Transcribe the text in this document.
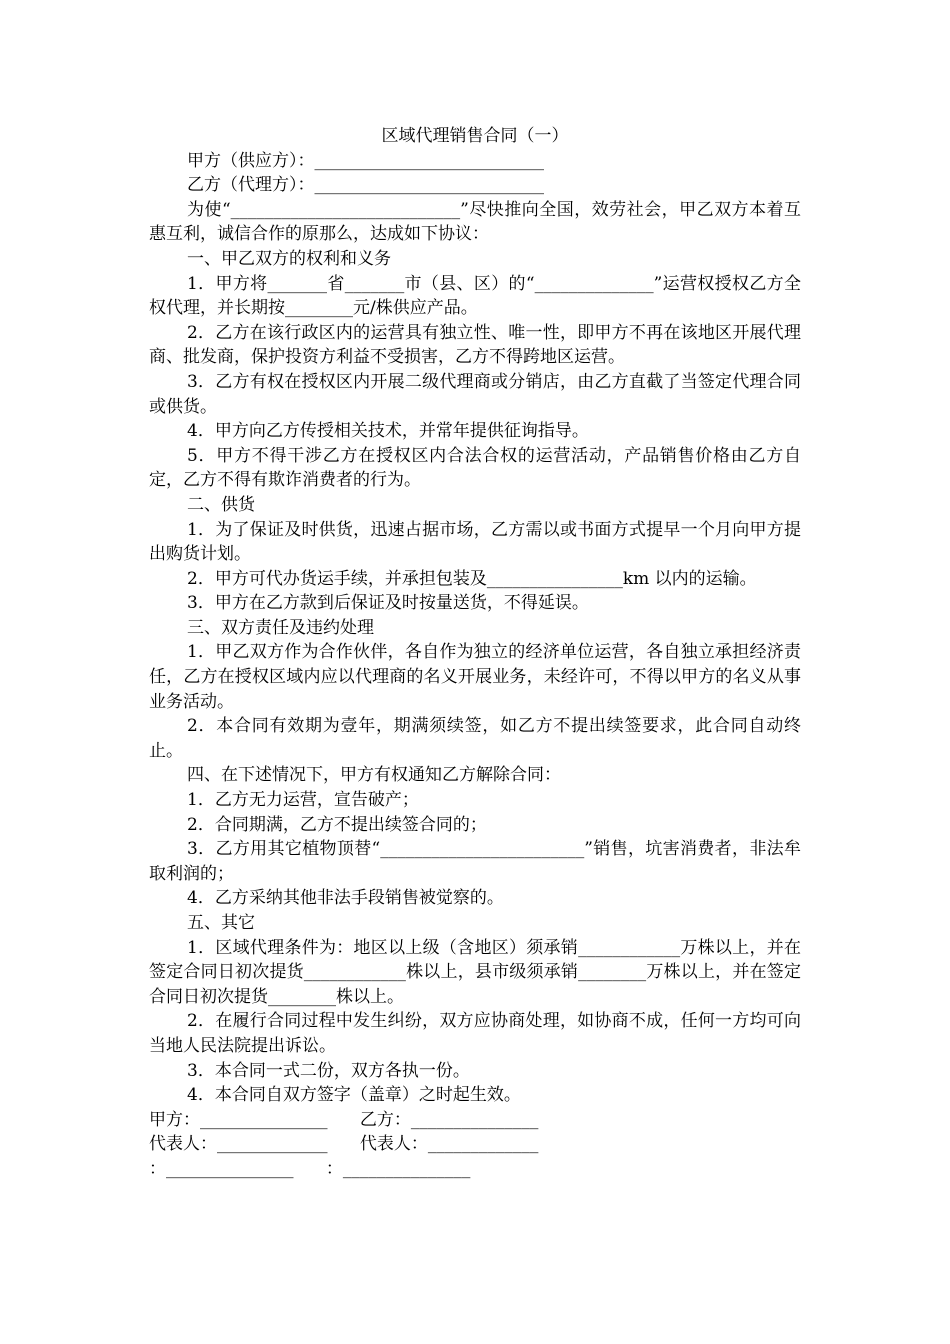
区域代理销售合同（一）

甲方（供应方）：___________________________

乙方（代理方）：___________________________

为使“___________________________”尽快推向全国，效劳社会，甲乙双方本着互惠互利，诚信合作的原那么，达成如下协议：

一、甲乙双方的权利和义务

1．甲方将_______省_______市（县、区）的“______________”运营权授权乙方全权代理，并长期按________元/株供应产品。

2．乙方在该行政区内的运营具有独立性、唯一性，即甲方不再在该地区开展代理商、批发商，保护投资方利益不受损害，乙方不得跨地区运营。

3．乙方有权在授权区内开展二级代理商或分销店，由乙方直截了当签定代理合同或供货。

4．甲方向乙方传授相关技术，并常年提供征询指导。

5．甲方不得干涉乙方在授权区内合法合权的运营活动，产品销售价格由乙方自定，乙方不得有欺诈消费者的行为。

二、供货

1．为了保证及时供货，迅速占据市场，乙方需以或书面方式提早一个月向甲方提出购货计划。

2．甲方可代办货运手续，并承担包装及________________km 以内的运输。

3．甲方在乙方款到后保证及时按量送货，不得延误。

三、双方责任及违约处理

1．甲乙双方作为合作伙伴，各自作为独立的经济单位运营，各自独立承担经济责任，乙方在授权区域内应以代理商的名义开展业务，未经许可，不得以甲方的名义从事业务活动。

2．本合同有效期为壹年，期满须续签，如乙方不提出续签要求，此合同自动终止。

四、在下述情况下，甲方有权通知乙方解除合同：

1．乙方无力运营，宣告破产；

2．合同期满，乙方不提出续签合同的；

3．乙方用其它植物顶替“________________________”销售，坑害消费者，非法牟取利润的；

4．乙方采纳其他非法手段销售被觉察的。

五、其它

1．区域代理条件为：地区以上级（含地区）须承销____________万株以上，并在签定合同日初次提货____________株以上，县市级须承销________万株以上，并在签定合同日初次提货________株以上。

2．在履行合同过程中发生纠纷，双方应协商处理，如协商不成，任何一方均可向当地人民法院提出诉讼。

3．本合同一式二份，双方各执一份。

4．本合同自双方签字（盖章）之时起生效。

甲方：_______________      乙方：_______________

代表人：_____________      代表人：_____________

：_______________      ：_______________
